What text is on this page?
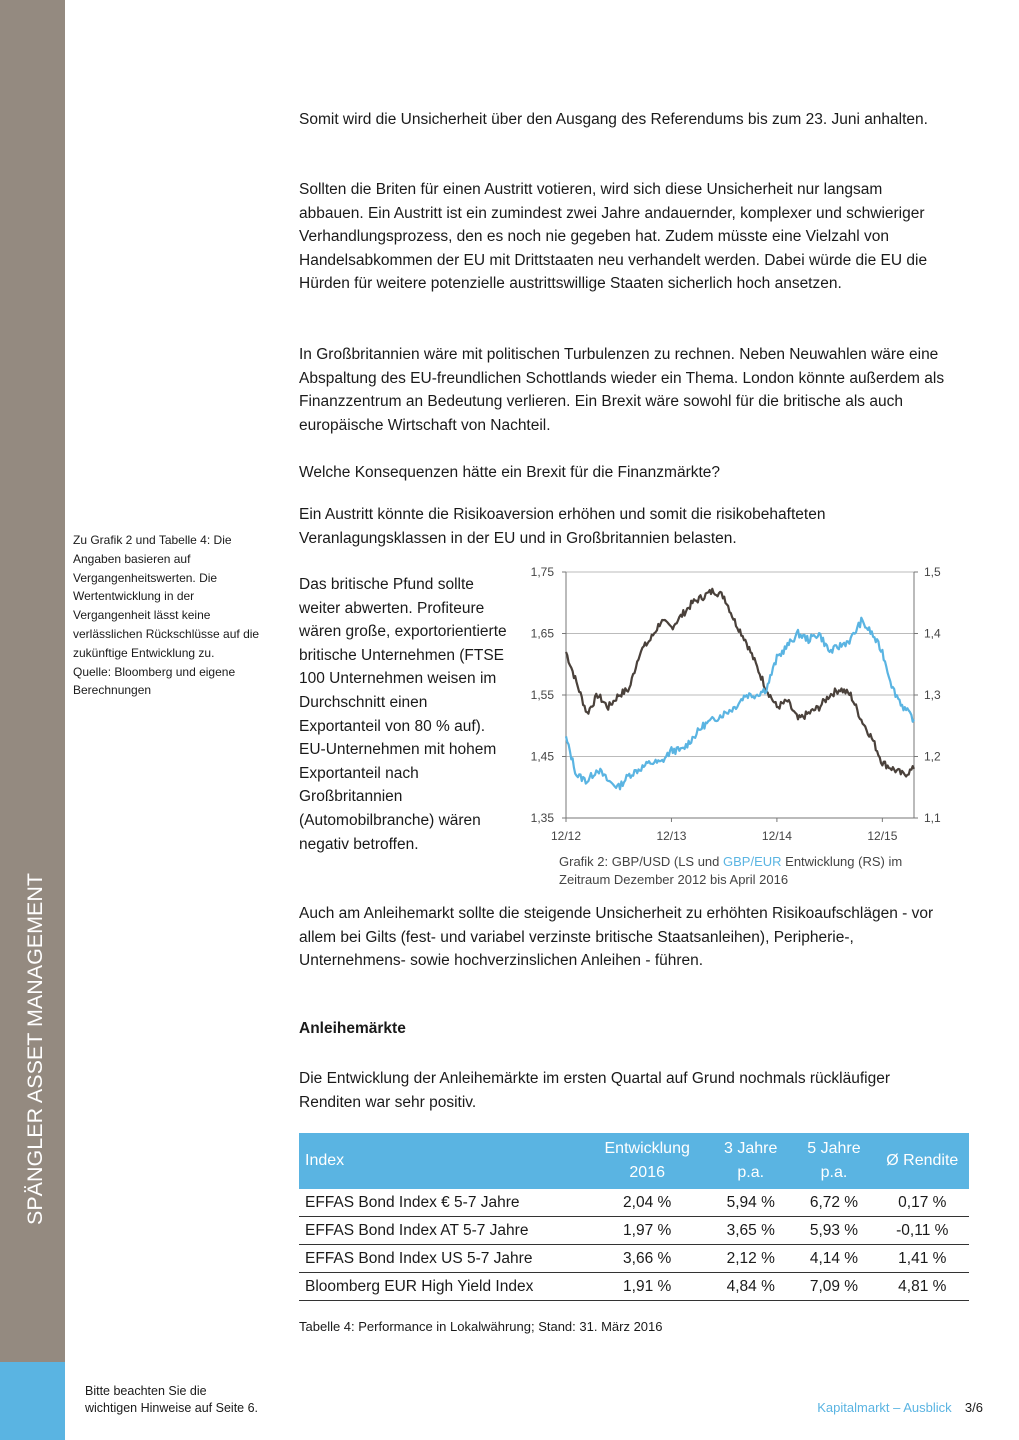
SPÄNGLER ASSET MANAGEMENT

Somit wird die Unsicherheit über den Ausgang des Referendums bis zum 23. Juni anhalten.

Sollten die Briten für einen Austritt votieren, wird sich diese Unsicherheit nur langsam abbauen. Ein Austritt ist ein zumindest zwei Jahre andauernder, komplexer und schwieriger Verhandlungsprozess, den es noch nie gegeben hat. Zudem müsste eine Vielzahl von Handelsabkommen der EU mit Drittstaaten neu verhandelt werden. Dabei würde die EU die Hürden für weitere potenzielle austrittswillige Staaten sicherlich hoch ansetzen.

In Großbritannien wäre mit politischen Turbulenzen zu rechnen. Neben Neuwahlen wäre eine Abspaltung des EU-freundlichen Schottlands wieder ein Thema. London könnte außerdem als Finanzzentrum an Bedeutung verlieren. Ein Brexit wäre sowohl für die britische als auch europäische Wirtschaft von Nachteil.

Welche Konsequenzen hätte ein Brexit für die Finanzmärkte?

Ein Austritt könnte die Risikoaversion erhöhen und somit die risikobehafteten Veranlagungsklassen in der EU und in Großbritannien belasten.

Zu Grafik 2 und Tabelle 4: Die Angaben basieren auf Vergangenheitswerten. Die Wertentwicklung in der Vergangenheit lässt keine verlässlichen Rückschlüsse auf die zukünftige Entwicklung zu.

Quelle: Bloomberg und eigene Berechnungen

Das britische Pfund sollte weiter abwerten. Profiteure wären große, exportorientierte britische Unternehmen (FTSE 100 Unternehmen weisen im Durchschnitt einen Exportanteil von 80 % auf). EU-Unternehmen mit hohem Exportanteil nach Großbritannien (Automobilbranche) wären negativ betroffen.

1,75	1,5
1,65	1,4
1,55	1,3
1,45	1,2
1,35	1,1
12/12	12/13	12/14	12/15
Grafik 2: GBP/USD (LS und GBP/EUR Entwicklung (RS) im Zeitraum Dezember 2012 bis April 2016

Auch am Anleihemarkt sollte die steigende Unsicherheit zu erhöhten Risikoaufschlägen - vor allem bei Gilts (fest- und variabel verzinste britische Staatsanleihen), Peripherie-, Unternehmens- sowie hochverzinslichen Anleihen - führen.

Anleihemärkte

Die Entwicklung der Anleihemärkte im ersten Quartal auf Grund nochmals rückläufiger Renditen war sehr positiv.

Index	Entwicklung 2016	3 Jahre p.a.	5 Jahre p.a.	Ø Rendite
EFFAS Bond Index € 5-7 Jahre	2,04 %	5,94 %	6,72 %	0,17 %
EFFAS Bond Index AT 5-7 Jahre	1,97 %	3,65 %	5,93 %	-0,11 %
EFFAS Bond Index US 5-7 Jahre	3,66 %	2,12 %	4,14 %	1,41 %
Bloomberg EUR High Yield Index	1,91 %	4,84 %	7,09 %	4,81 %
Tabelle 4: Performance in Lokalwährung; Stand: 31. März 2016

Bitte beachten Sie die

wichtigen Hinweise auf Seite 6.	Kapitalmarkt – Ausblick 3/6
